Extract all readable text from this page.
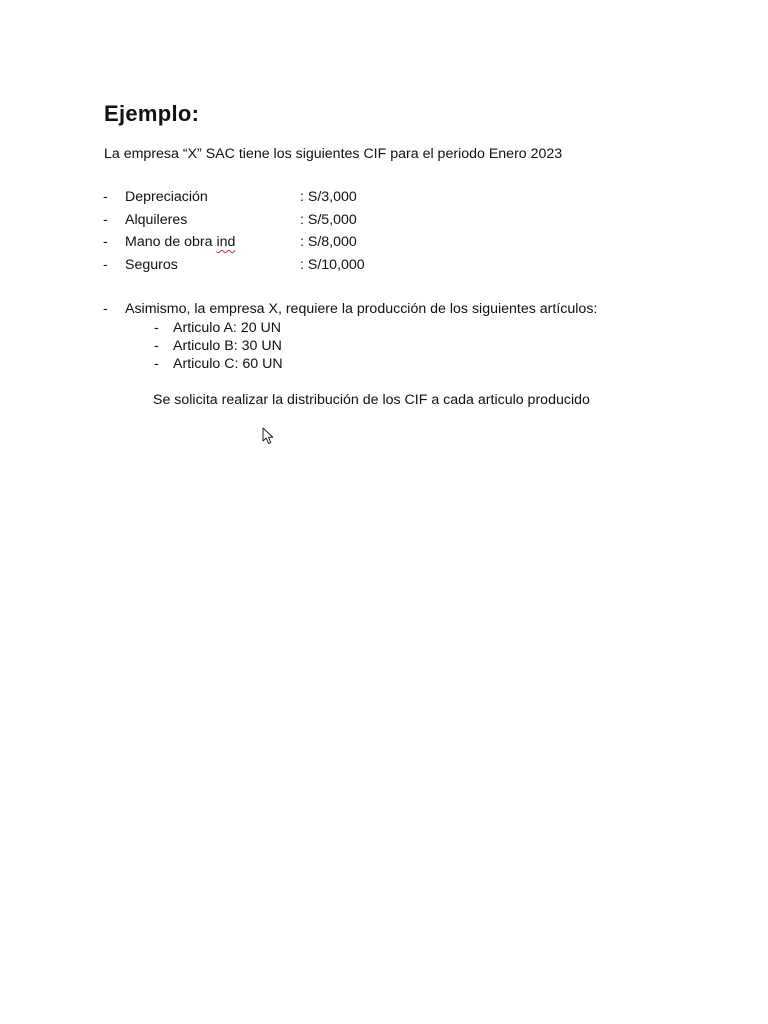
Ejemplo:
La empresa “X” SAC tiene los siguientes CIF para el periodo Enero 2023
- Depreciación	: S/3,000
- Alquileres	: S/5,000
- Mano de obra ind	: S/8,000
- Seguros	: S/10,000
- Asimismo, la empresa X, requiere la producción de los siguientes artículos:
- Articulo A: 20 UN
- Articulo B: 30 UN
- Articulo C: 60 UN
Se solicita realizar la distribución de los CIF a cada articulo producido
